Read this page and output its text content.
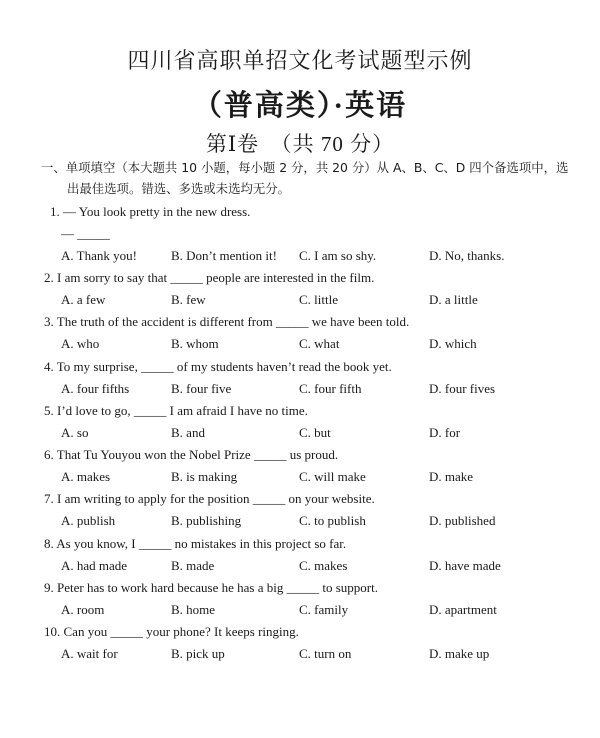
四川省高职单招文化考试题型示例
（普高类）·英语
第Ⅰ卷　（共 70 分）
一、单项填空（本大题共 10 小题，每小题 2 分，共 20 分）从 A、B、C、D 四个备选项中，选
出最佳选项。错选、多选或未选均无分。
1. — You look pretty in the new dress.
— _____
A. Thank you!	B. Don’t mention it! C. I am so shy.	D. No, thanks.
2. I am sorry to say that _____ people are interested in the film.
A. a few	B. few	C. little	D. a little
3. The truth of the accident is different from _____ we have been told.
A. who	B. whom	C. what	D. which
4. To my surprise, _____ of my students haven’t read the book yet.
A. four fifths	B. four five	C. four fifth	D. four fives
5. I’d love to go, _____ I am afraid I have no time.
A. so	B. and	C. but	D. for
6. That Tu Youyou won the Nobel Prize _____ us proud.
A. makes	B. is making	C. will make	D. make
7. I am writing to apply for the position _____ on your website.
A. publish	B. publishing	C. to publish	D. published
8. As you know, I _____ no mistakes in this project so far.
A. had made	B. made	C. makes	D. have made
9. Peter has to work hard because he has a big _____ to support.
A. room	B. home	C. family	D. apartment
10. Can you _____ your phone? It keeps ringing.
A. wait for	B. pick up	C. turn on	D. make up
